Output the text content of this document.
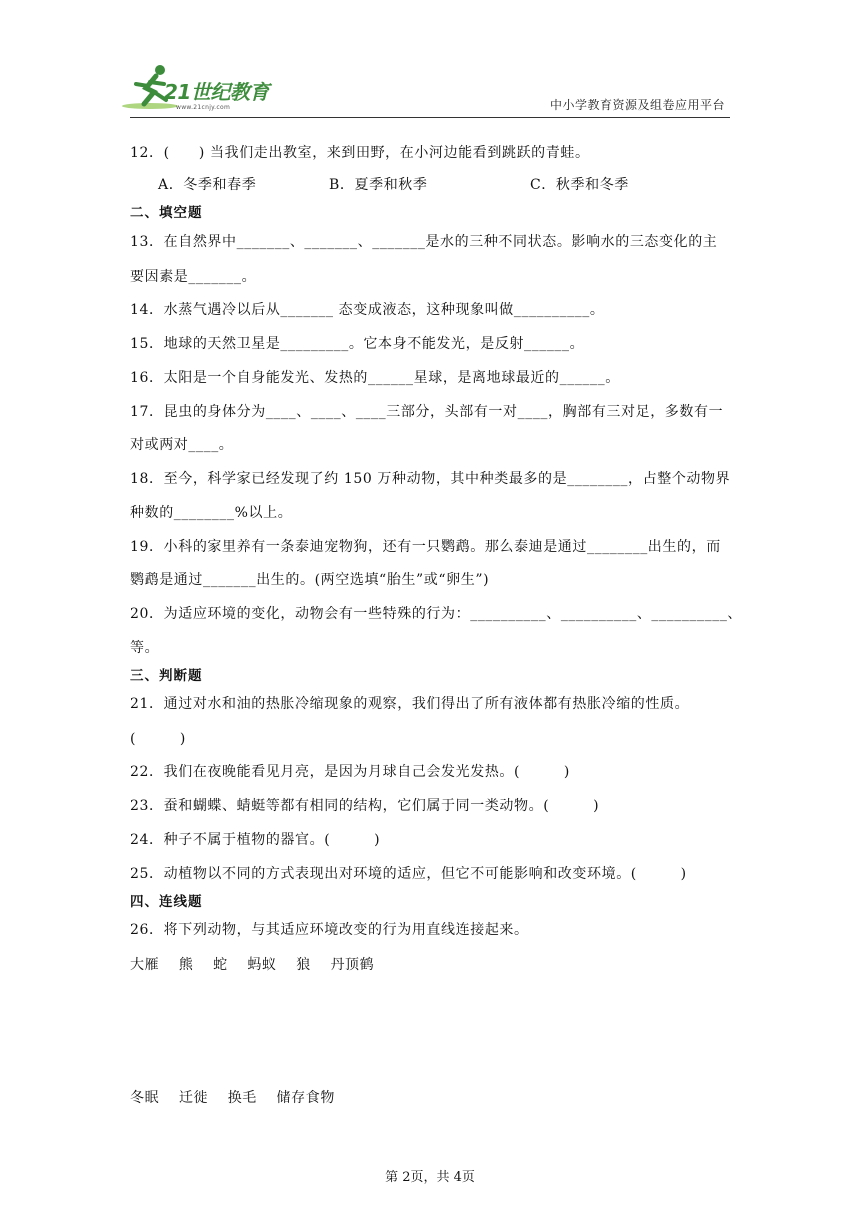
21世纪教育
www.21cnjy.com	中小学教育资源及组卷应用平台
12．(　　) 当我们走出教室，来到田野，在小河边能看到跳跃的青蛙。
A．冬季和春季	B．夏季和秋季	C．秋季和冬季
二、填空题
13．在自然界中_______、_______、_______是水的三种不同状态。影响水的三态变化的主
要因素是_______。
14．水蒸气遇冷以后从_______ 态变成液态，这种现象叫做__________。
15．地球的天然卫星是_________。它本身不能发光，是反射______。
16．太阳是一个自身能发光、发热的______星球，是离地球最近的______。
17．昆虫的身体分为____、____、____三部分，头部有一对____，胸部有三对足，多数有一
对或两对____。
18．至今，科学家已经发现了约 150 万种动物，其中种类最多的是________，占整个动物界
种数的________%以上。
19．小科的家里养有一条泰迪宠物狗，还有一只鹦鹉。那么泰迪是通过________出生的，而
鹦鹉是通过_______出生的。(两空选填“胎生”或“卵生”)
20．为适应环境的变化，动物会有一些特殊的行为：__________、__________、__________、
等。
三、判断题
21．通过对水和油的热胀冷缩现象的观察，我们得出了所有液体都有热胀冷缩的性质。
(　　　)
22．我们在夜晚能看见月亮，是因为月球自己会发光发热。(　　　)
23．蚕和蝴蝶、蜻蜓等都有相同的结构，它们属于同一类动物。(　　　)
24．种子不属于植物的器官。(　　　)
25．动植物以不同的方式表现出对环境的适应，但它不可能影响和改变环境。(　　　)
四、连线题
26．将下列动物，与其适应环境改变的行为用直线连接起来。
大雁　 熊　 蛇　 蚂蚁　 狼　 丹顶鹤
冬眠　 迁徙　 换毛　 储存食物
第 2页，共 4页
